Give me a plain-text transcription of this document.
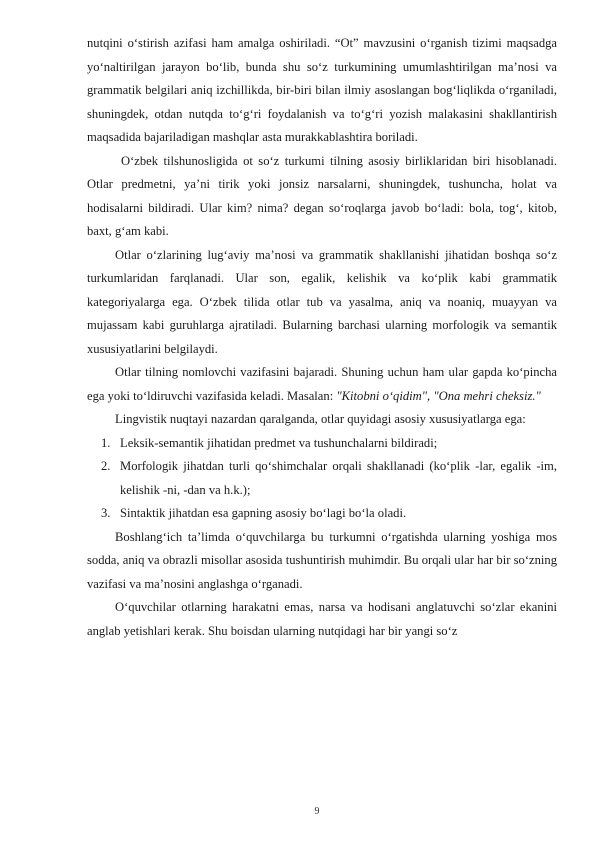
nutqini o‘stirish azifasi ham amalga oshiriladi. “Ot” mavzusini o‘rganish tizimi maqsadga yo‘naltirilgan jarayon bo‘lib, bunda shu so‘z turkumining umumlashtirilgan ma’nosi va grammatik belgilari aniq izchillikda, bir-biri bilan ilmiy asoslangan bog‘liqlikda o‘rganiladi, shuningdek, otdan nutqda to‘g‘ri foydalanish va to‘g‘ri yozish malakasini shakllantirish maqsadida bajariladigan mashqlar asta murakkablashtira boriladi.

O‘zbek tilshunosligida ot so‘z turkumi tilning asosiy birliklaridan biri hisoblanadi. Otlar predmetni, ya’ni tirik yoki jonsiz narsalarni, shuningdek, tushuncha, holat va hodisalarni bildiradi. Ular kim? nima? degan so‘roqlarga javob bo‘ladi: bola, tog‘, kitob, baxt, g‘am kabi.

Otlar o‘zlarining lug‘aviy ma’nosi va grammatik shakllanishi jihatidan boshqa so‘z turkumlaridan farqlanadi. Ular son, egalik, kelishik va ko‘plik kabi grammatik kategoriyalarga ega. O‘zbek tilida otlar tub va yasalma, aniq va noaniq, muayyan va mujassam kabi guruhlarga ajratiladi. Bularning barchasi ularning morfologik va semantik xususiyatlarini belgilaydi.

Otlar tilning nomlovchi vazifasini bajaradi. Shuning uchun ham ular gapda ko‘pincha ega yoki to‘ldiruvchi vazifasida keladi. Masalan: "Kitobni o‘qidim", "Ona mehri cheksiz."

Lingvistik nuqtayi nazardan qaralganda, otlar quyidagi asosiy xususiyatlarga ega:

1. Leksik-semantik jihatidan predmet va tushunchalarni bildiradi;
2. Morfologik jihatdan turli qo‘shimchalar orqali shakllanadi (ko‘plik -lar, egalik -im, kelishik -ni, -dan va h.k.);
3. Sintaktik jihatdan esa gapning asosiy bo‘lagi bo‘la oladi.

Boshlang‘ich ta’limda o‘quvchilarga bu turkumni o‘rgatishda ularning yoshiga mos sodda, aniq va obrazli misollar asosida tushuntirish muhimdir. Bu orqali ular har bir so‘zning vazifasi va ma’nosini anglashga o‘rganadi.

O‘quvchilar otlarning harakatni emas, narsa va hodisani anglatuvchi so‘zlar ekanini anglab yetishlari kerak. Shu boisdan ularning nutqidagi har bir yangi so‘z

9
